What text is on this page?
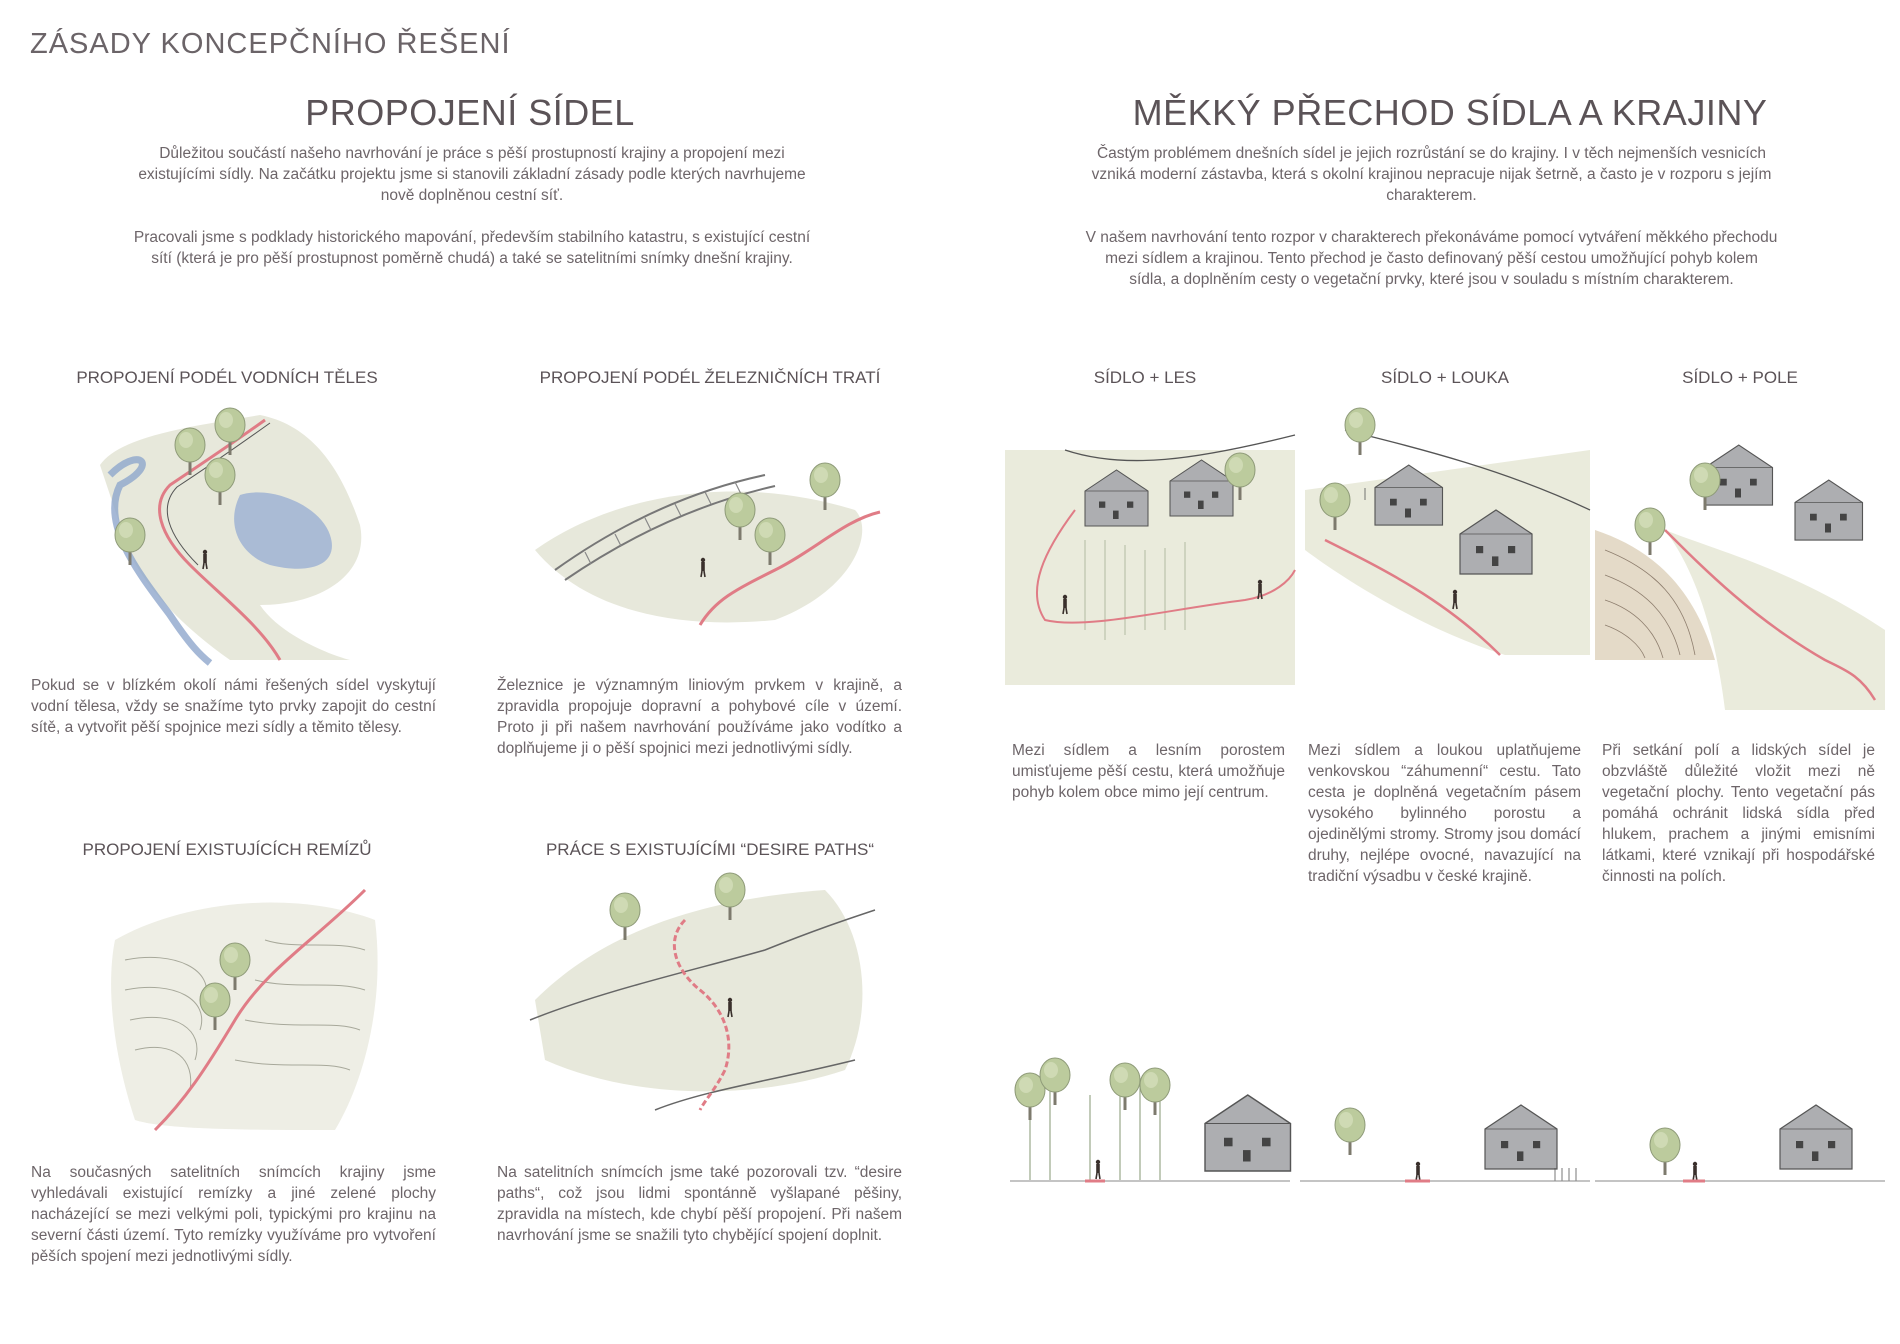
ZÁSADY KONCEPČNÍHO ŘEŠENÍ
PROPOJENÍ SÍDEL

Důležitou součástí našeho navrhování je práce s pěší prostupností krajiny a propojení mezi existujícími sídly. Na začátku projektu jsme si stanovili základní zásady podle kterých navrhujeme nově doplněnou cestní síť.

Pracovali jsme s podklady historického mapování, především stabilního katastru, s existující cestní sítí (která je pro pěší prostupnost poměrně chudá) a také se satelitními snímky dnešní krajiny.

MĚKKÝ PŘECHOD SÍDLA A KRAJINY

Častým problémem dnešních sídel je jejich rozrůstání se do krajiny. I v těch nejmenších vesnicích vzniká moderní zástavba, která s okolní krajinou nepracuje nijak šetrně, a často je v rozporu s jejím charakterem.

V našem navrhování tento rozpor v charakterech překonáváme pomocí vytváření měkkého přechodu mezi sídlem a krajinou. Tento přechod je často definovaný pěší cestou umožňující pohyb kolem sídla, a doplněním cesty o vegetační prvky, které jsou v souladu s místním charakterem.

PROPOJENÍ PODÉL VODNÍCH TĚLES
Pokud se v blízkém okolí námi řešených sídel vyskytují vodní tělesa, vždy se snažíme tyto prvky zapojit do cestní sítě, a vytvořit pěší spojnice mezi sídly a těmito tělesy.
PROPOJENÍ PODÉL ŽELEZNIČNÍCH TRATÍ
Železnice je významným liniovým prvkem v krajině, a zpravidla propojuje dopravní a pohybové cíle v území. Proto ji při našem navrhování používáme jako vodítko a doplňujeme ji o pěší spojnici mezi jednotlivými sídly.
PROPOJENÍ EXISTUJÍCÍCH REMÍZŮ
Na současných satelitních snímcích krajiny jsme vyhledávali existující remízky a jiné zelené plochy nacházející se mezi velkými poli, typickými pro krajinu na severní části území. Tyto remízky využíváme pro vytvoření pěších spojení mezi jednotlivými sídly.
PRÁCE S EXISTUJÍCÍMI “DESIRE PATHS“
Na satelitních snímcích jsme také pozorovali tzv. “desire paths“, což jsou lidmi spontánně vyšlapané pěšiny, zpravidla na místech, kde chybí pěší propojení. Při našem navrhování jsme se snažili tyto chybějící spojení doplnit.
SÍDLO + LES	SÍDLO + LOUKA	SÍDLO + POLE
Mezi sídlem a lesním porostem umisťujeme pěší cestu, která umožňuje pohyb kolem obce mimo její centrum.
Mezi sídlem a loukou uplatňujeme venkovskou “záhumenní“ cestu. Tato cesta je doplněná vegetačním pásem vysokého bylinného porostu a ojedinělými stromy. Stromy jsou domácí druhy, nejlépe ovocné, navazující na tradiční výsadbu v české krajině.
Při setkání polí a lidských sídel je obzvláště důležité vložit mezi ně vegetační plochy. Tento vegetační pás pomáhá ochránit lidská sídla před hlukem, prachem a jinými emisními látkami, které vznikají při hospodářské činnosti na polích.
